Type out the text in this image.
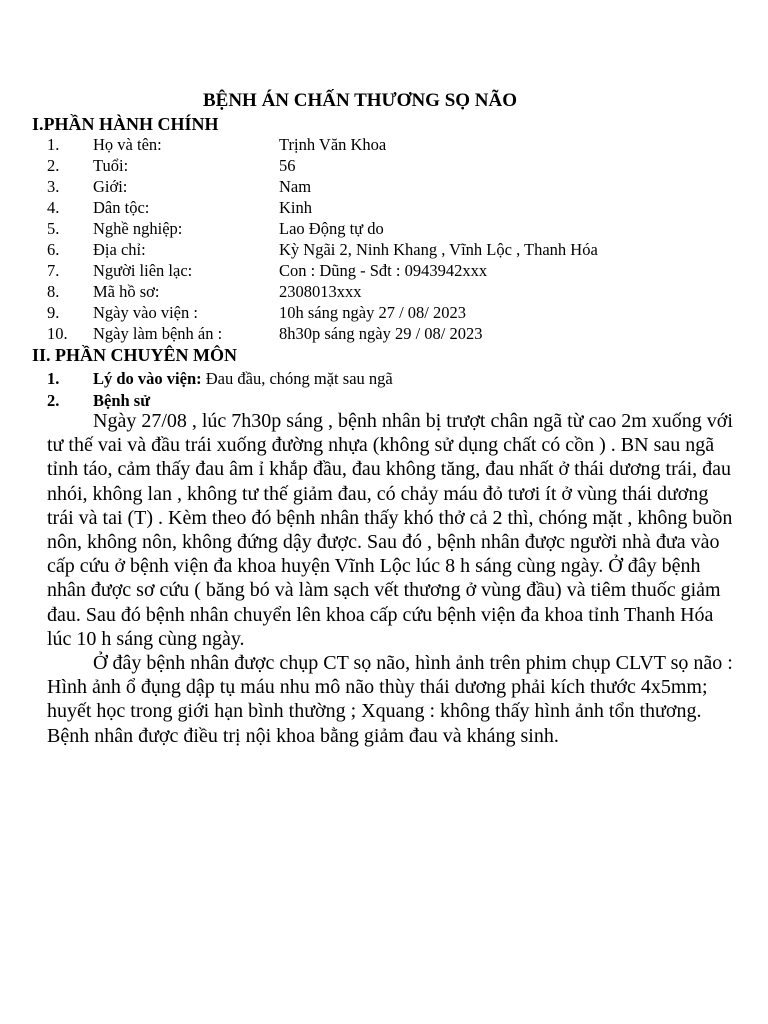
BỆNH ÁN CHẤN THƯƠNG SỌ NÃO
I.PHẦN HÀNH CHÍNH
1. Họ và tên:	Trịnh Văn Khoa
2. Tuổi:	56
3. Giới:	Nam
4. Dân tộc:	Kinh
5. Nghề nghiệp:	Lao Động tự do
6. Địa chỉ:	Kỳ Ngãi 2, Ninh Khang , Vĩnh Lộc , Thanh Hóa
7. Người liên lạc:	Con : Dũng - Sđt : 0943942xxx
8. Mã hồ sơ:	2308013xxx
9. Ngày vào viện :	10h sáng ngày 27 / 08/ 2023
10. Ngày làm bệnh án :	8h30p sáng ngày 29 / 08/ 2023
II. PHẦN CHUYÊN MÔN
1. Lý do vào viện: Đau đầu, chóng mặt sau ngã
2. Bệnh sử

Ngày 27/08 , lúc 7h30p sáng , bệnh nhân bị trượt chân ngã từ cao 2m xuống với tư thế vai và đầu trái xuống đường nhựa (không sử dụng chất có cồn ) . BN sau ngã tỉnh táo, cảm thấy đau âm ỉ khắp đầu, đau không tăng, đau nhất ở thái dương trái, đau nhói, không lan , không tư thế giảm đau, có chảy máu đỏ tươi ít ở vùng thái dương trái và tai (T) . Kèm theo đó bệnh nhân thấy khó thở cả 2 thì, chóng mặt , không buồn nôn, không nôn, không đứng dậy được. Sau đó , bệnh nhân được người nhà đưa vào cấp cứu ở bệnh viện đa khoa huyện Vĩnh Lộc lúc 8 h sáng cùng ngày. Ở đây bệnh nhân được sơ cứu ( băng bó và làm sạch vết thương ở vùng đầu) và tiêm thuốc giảm đau. Sau đó bệnh nhân chuyển lên khoa cấp cứu bệnh viện đa khoa tỉnh Thanh Hóa lúc 10 h sáng cùng ngày.

Ở đây bệnh nhân được chụp CT sọ não, hình ảnh trên phim chụp CLVT sọ não : Hình ảnh ổ đụng dập tụ máu nhu mô não thùy thái dương phải kích thước 4x5mm; huyết học trong giới hạn bình thường ; Xquang : không thấy hình ảnh tổn thương. Bệnh nhân được điều trị nội khoa bằng giảm đau và kháng sinh.
